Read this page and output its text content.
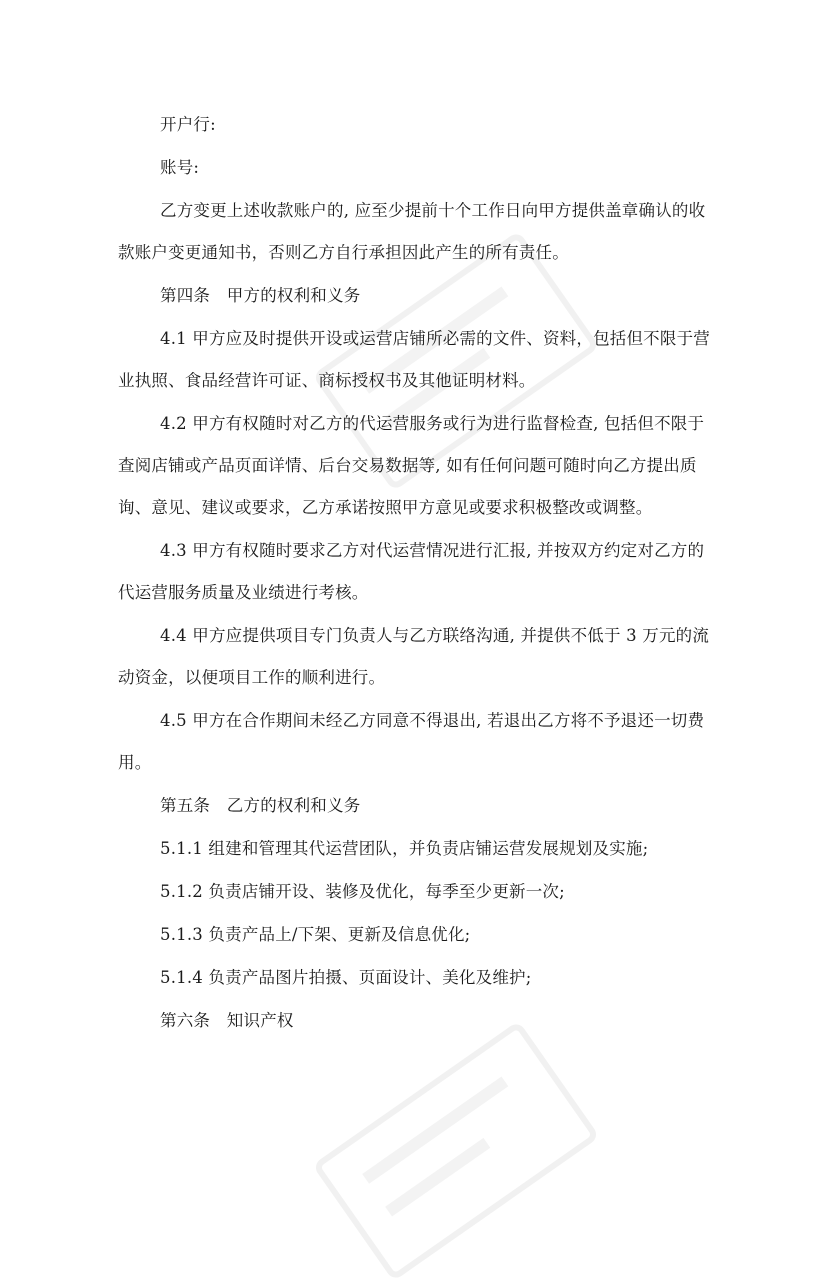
开户行:

账号:

乙方变更上述收款账户的, 应至少提前十个工作日向甲方提供盖章确认的收

款账户变更通知书，否则乙方自行承担因此产生的所有责任。

第四条　甲方的权利和义务

4.1 甲方应及时提供开设或运营店铺所必需的文件、资料，包括但不限于营

业执照、食品经营许可证、商标授权书及其他证明材料。

4.2 甲方有权随时对乙方的代运营服务或行为进行监督检查, 包括但不限于

查阅店铺或产品页面详情、后台交易数据等, 如有任何问题可随时向乙方提出质

询、意见、建议或要求，乙方承诺按照甲方意见或要求积极整改或调整。

4.3 甲方有权随时要求乙方对代运营情况进行汇报, 并按双方约定对乙方的

代运营服务质量及业绩进行考核。

4.4 甲方应提供项目专门负责人与乙方联络沟通, 并提供不低于 3 万元的流

动资金，以便项目工作的顺利进行。

4.5 甲方在合作期间未经乙方同意不得退出, 若退出乙方将不予退还一切费

用。

第五条　乙方的权利和义务

5.1.1 组建和管理其代运营团队，并负责店铺运营发展规划及实施;

5.1.2 负责店铺开设、装修及优化，每季至少更新一次;

5.1.3 负责产品上/下架、更新及信息优化;

5.1.4 负责产品图片拍摄、页面设计、美化及维护;

第六条　知识产权
